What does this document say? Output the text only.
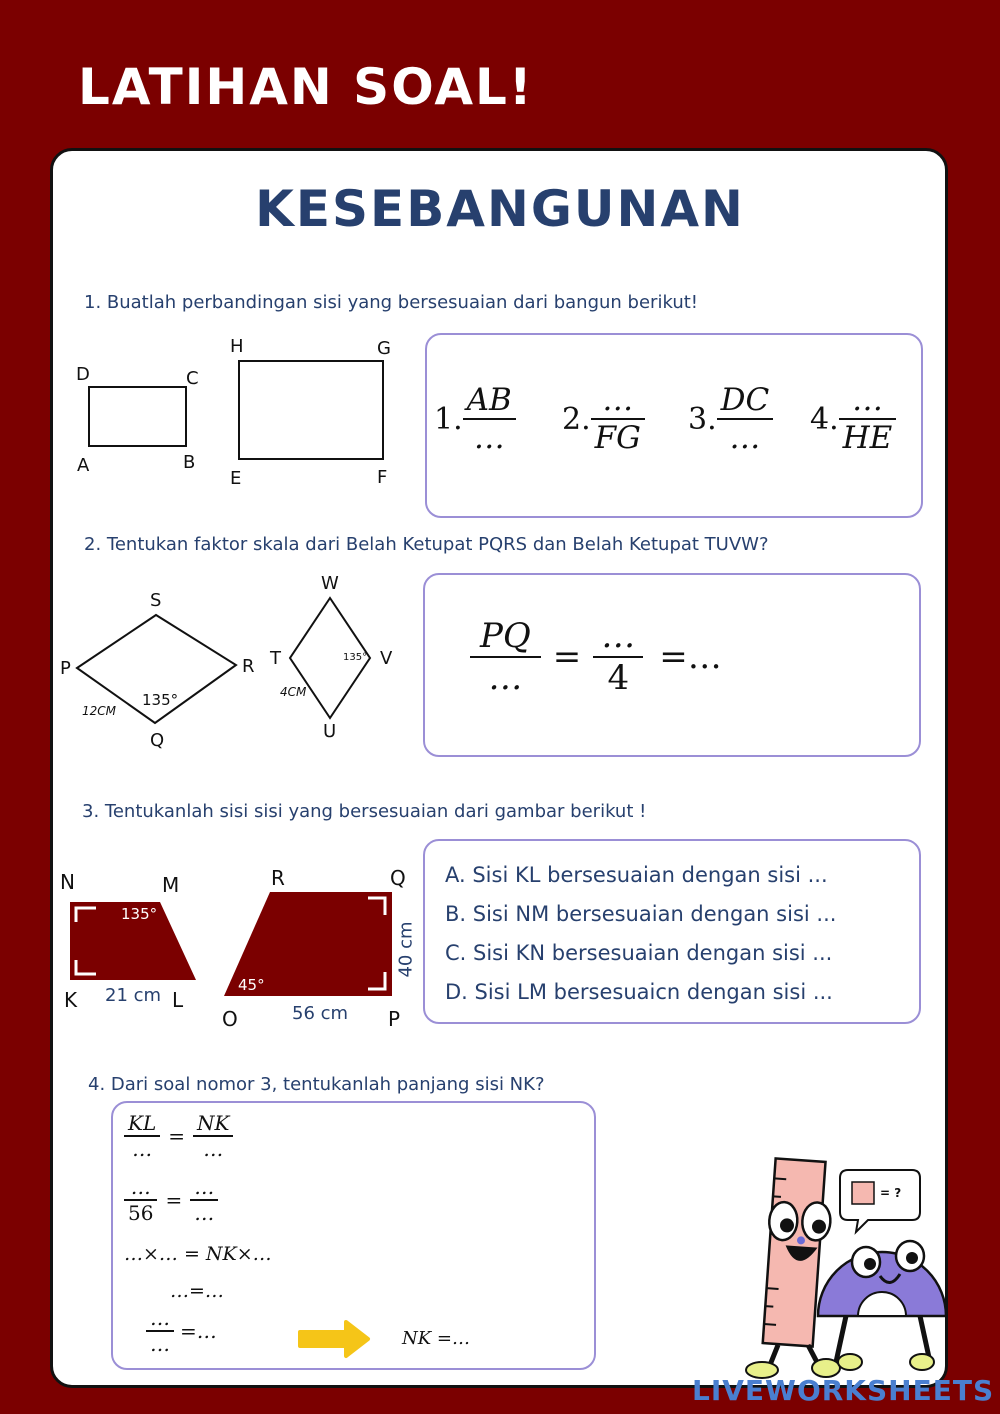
LATIHAN SOAL!
KESEBANGUNAN
1. Buatlah perbandingan sisi yang bersesuaian dari bangun berikut!
D	C
A	B
H	G
E	F
1. $\frac{AB}{\dots} 2$. $\frac{\dots}{FG} 3$. $\frac{DC}{\dots} 4$. $\frac{\dots}{HE}$
2. Tentukan faktor skala dari Belah Ketupat PQRS dan Belah Ketupat TUVW?
S
P	R
Q
12CM
135°
W
T	V
U
4CM
135°	$\frac{PQ}{\dots} = \frac{\dots}{4}$ =…
3. Tentukanlah sisi sisi yang bersesuaian dari gambar berikut !
N	M
K	L
135°
21 cm
R	Q
O	P
45°
56 cm
40 cm
A. Sisi KL bersesuaian dengan sisi ...
B. Sisi NM bersesuaian dengan sisi ...
C. Sisi KN bersesuaian dengan sisi ...
D. Sisi LM bersesuaicn dengan sisi ...
4. Dari soal nomor 3, tentukanlah panjang sisi NK?
$\frac{KL}{\dots} = \frac{NK}{\dots}$
$\frac{\dots}{56} = \frac{\dots}{\dots}$
…×… = NK×…
…=…
$\frac{\dots}{\dots}$ =…	NK =…
= ?
LIVEWORKSHEETS
